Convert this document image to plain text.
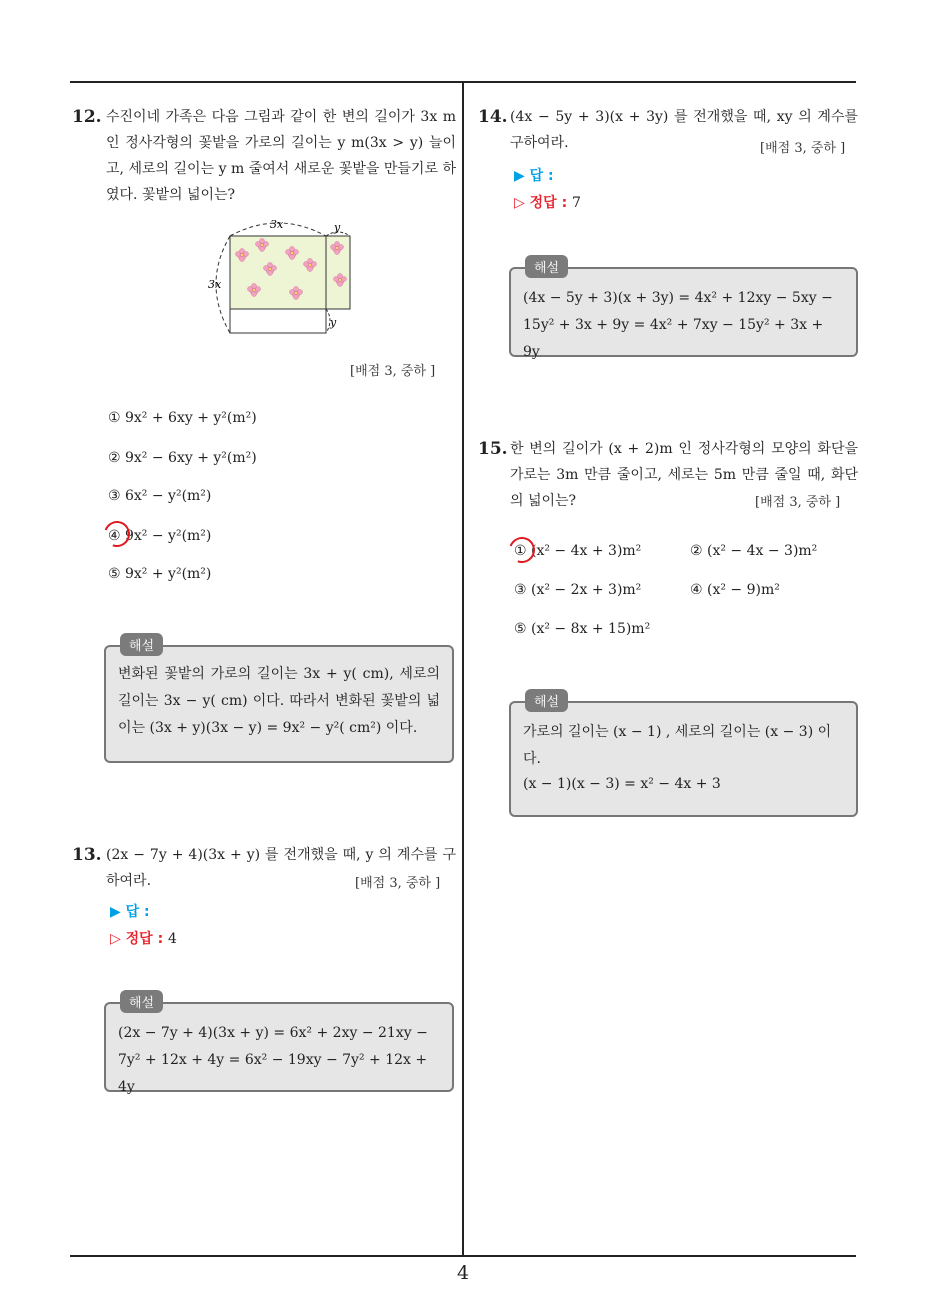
4
12. 수진이네 가족은 다음 그림과 같이 한 변의 길이가 3x m 인 정사각형의 꽃밭을 가로의 길이는 y m(3x > y) 늘이고, 세로의 길이는 y m 줄여서 새로운 꽃밭을 만들기로 하였다. 꽃밭의 넓이는?
3x
3x
y
y
[배점 3, 중하 ]
① 9x² + 6xy + y²(m²)
② 9x² − 6xy + y²(m²)
③ 6x² − y²(m²)
④ 9x² − y²(m²)
⑤ 9x² + y²(m²)
해설
변화된 꽃밭의 가로의 길이는 3x + y( cm), 세로의 길이는 3x − y( cm) 이다. 따라서 변화된 꽃밭의 넓이는 (3x + y)(3x − y) = 9x² − y²( cm²) 이다.
13. (2x − 7y + 4)(3x + y) 를 전개했을 때, y 의 계수를 구하여라.	[배점 3, 중하 ]
▶ 답 :
▷ 정답 : 4
해설
(2x − 7y + 4)(3x + y) = 6x² + 2xy − 21xy − 7y² + 12x + 4y = 6x² − 19xy − 7y² + 12x + 4y
14. (4x − 5y + 3)(x + 3y) 를 전개했을 때, xy 의 계수를 구하여라.	[배점 3, 중하 ]
▶ 답 :
▷ 정답 : 7
해설
(4x − 5y + 3)(x + 3y) = 4x² + 12xy − 5xy − 15y² + 3x + 9y = 4x² + 7xy − 15y² + 3x + 9y
15. 한 변의 길이가 (x + 2)m 인 정사각형의 모양의 화단을 가로는 3m 만큼 줄이고, 세로는 5m 만큼 줄일 때, 화단의 넓이는?	[배점 3, 중하 ]
① (x² − 4x + 3)m²	② (x² − 4x − 3)m²
③ (x² − 2x + 3)m²	④ (x² − 9)m²
⑤ (x² − 8x + 15)m²
해설
가로의 길이는 (x − 1) , 세로의 길이는 (x − 3) 이다.
(x − 1)(x − 3) = x² − 4x + 3
